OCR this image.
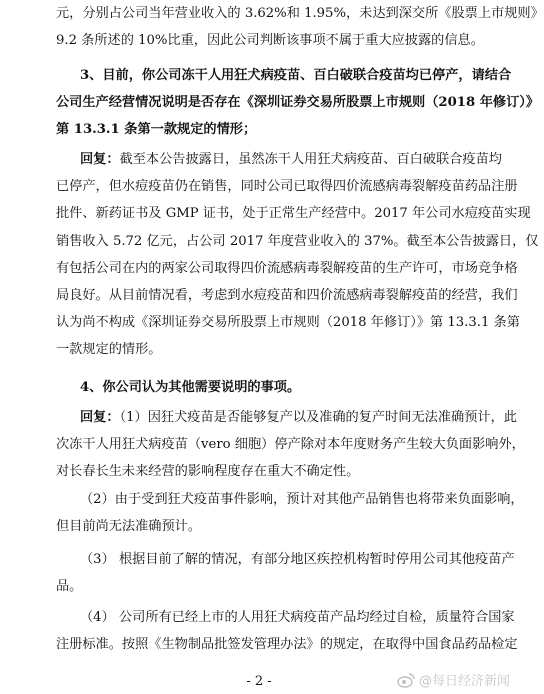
元，分别占公司当年营业收入的 3.62%和 1.95%，未达到深交所《股票上市规则》
9.2 条所述的 10%比重，因此公司判断该事项不属于重大应披露的信息。
3、目前，你公司冻干人用狂犬病疫苗、百白破联合疫苗均已停产，请结合
公司生产经营情况说明是否存在《深圳证券交易所股票上市规则（2018 年修订）》
第 13.3.1 条第一款规定的情形；
回复：截至本公告披露日，虽然冻干人用狂犬病疫苗、百白破联合疫苗均
已停产，但水痘疫苗仍在销售，同时公司已取得四价流感病毒裂解疫苗药品注册
批件、新药证书及 GMP 证书，处于正常生产经营中。2017 年公司水痘疫苗实现
销售收入 5.72 亿元，占公司 2017 年度营业收入的 37%。截至本公告披露日，仅
有包括公司在内的两家公司取得四价流感病毒裂解疫苗的生产许可，市场竞争格
局良好。从目前情况看，考虑到水痘疫苗和四价流感病毒裂解疫苗的经营，我们
认为尚不构成《深圳证券交易所股票上市规则（2018 年修订）》第 13.3.1 条第
一款规定的情形。
4、你公司认为其他需要说明的事项。
回复：（1）因狂犬疫苗是否能够复产以及准确的复产时间无法准确预计，此
次冻干人用狂犬病疫苗（vero 细胞）停产除对本年度财务产生较大负面影响外，
对长春长生未来经营的影响程度存在重大不确定性。
（2）由于受到狂犬疫苗事件影响，预计对其他产品销售也将带来负面影响，
但目前尚无法准确预计。
（3） 根据目前了解的情况，有部分地区疾控机构暂时停用公司其他疫苗产
品。
（4） 公司所有已经上市的人用狂犬病疫苗产品均经过自检，质量符合国家
注册标准。按照《生物制品批签发管理办法》的规定，在取得中国食品药品检定
- 2 -	@每日经济新闻
